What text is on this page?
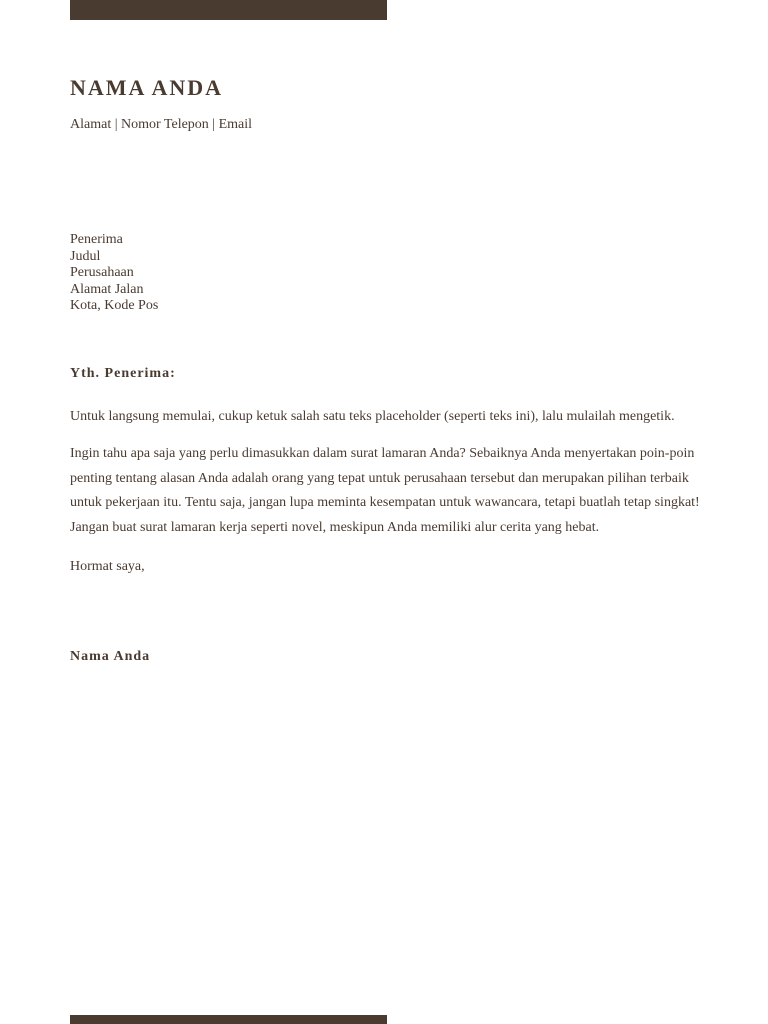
NAMA ANDA

Alamat | Nomor Telepon | Email

Penerima
Judul
Perusahaan
Alamat Jalan
Kota, Kode Pos

Yth. Penerima:

Untuk langsung memulai, cukup ketuk salah satu teks placeholder (seperti teks ini), lalu mulailah mengetik.

Ingin tahu apa saja yang perlu dimasukkan dalam surat lamaran Anda? Sebaiknya Anda menyertakan poin-poin penting tentang alasan Anda adalah orang yang tepat untuk perusahaan tersebut dan merupakan pilihan terbaik untuk pekerjaan itu. Tentu saja, jangan lupa meminta kesempatan untuk wawancara, tetapi buatlah tetap singkat! Jangan buat surat lamaran kerja seperti novel, meskipun Anda memiliki alur cerita yang hebat.

Hormat saya,

Nama Anda
